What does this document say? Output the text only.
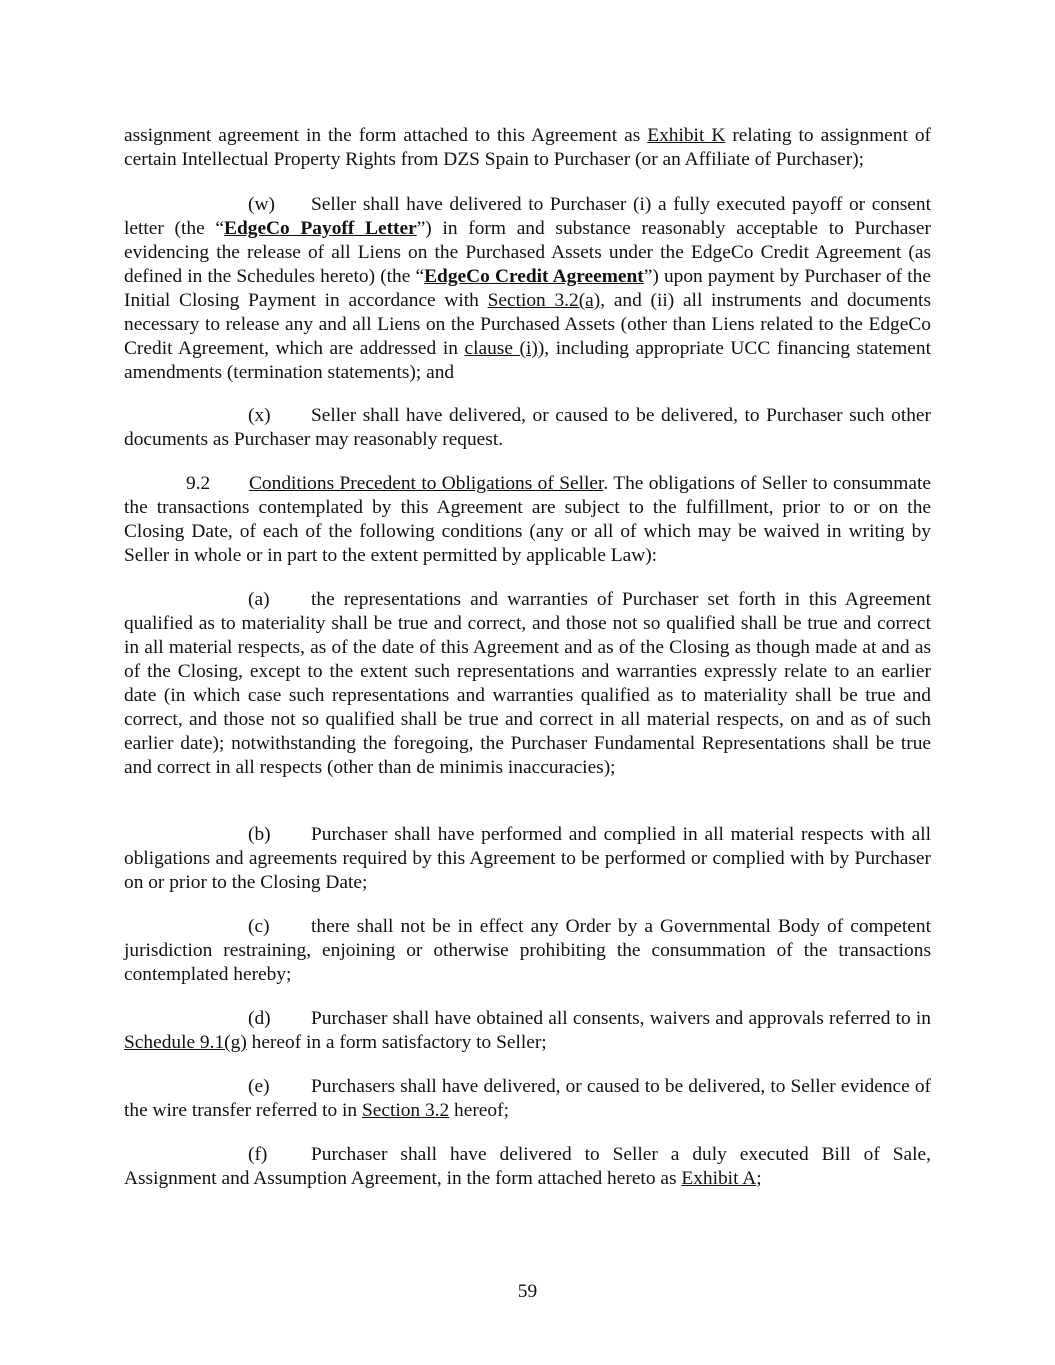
assignment agreement in the form attached to this Agreement as Exhibit K relating to assignment of certain Intellectual Property Rights from DZS Spain to Purchaser (or an Affiliate of Purchaser);

(w) Seller shall have delivered to Purchaser (i) a fully executed payoff or consent letter (the “EdgeCo Payoff Letter”) in form and substance reasonably acceptable to Purchaser evidencing the release of all Liens on the Purchased Assets under the EdgeCo Credit Agreement (as defined in the Schedules hereto) (the “EdgeCo Credit Agreement”) upon payment by Purchaser of the Initial Closing Payment in accordance with Section 3.2(a), and (ii) all instruments and documents necessary to release any and all Liens on the Purchased Assets (other than Liens related to the EdgeCo Credit Agreement, which are addressed in clause (i)), including appropriate UCC financing statement amendments (termination statements); and

(x) Seller shall have delivered, or caused to be delivered, to Purchaser such other documents as Purchaser may reasonably request.

9.2 Conditions Precedent to Obligations of Seller. The obligations of Seller to consummate the transactions contemplated by this Agreement are subject to the fulfillment, prior to or on the Closing Date, of each of the following conditions (any or all of which may be waived in writing by Seller in whole or in part to the extent permitted by applicable Law):

(a) the representations and warranties of Purchaser set forth in this Agreement qualified as to materiality shall be true and correct, and those not so qualified shall be true and correct in all material respects, as of the date of this Agreement and as of the Closing as though made at and as of the Closing, except to the extent such representations and warranties expressly relate to an earlier date (in which case such representations and warranties qualified as to materiality shall be true and correct, and those not so qualified shall be true and correct in all material respects, on and as of such earlier date); notwithstanding the foregoing, the Purchaser Fundamental Representations shall be true and correct in all respects (other than de minimis inaccuracies);

(b) Purchaser shall have performed and complied in all material respects with all obligations and agreements required by this Agreement to be performed or complied with by Purchaser on or prior to the Closing Date;

(c) there shall not be in effect any Order by a Governmental Body of competent jurisdiction restraining, enjoining or otherwise prohibiting the consummation of the transactions contemplated hereby;

(d) Purchaser shall have obtained all consents, waivers and approvals referred to in Schedule 9.1(g) hereof in a form satisfactory to Seller;

(e) Purchasers shall have delivered, or caused to be delivered, to Seller evidence of the wire transfer referred to in Section 3.2 hereof;

(f) Purchaser shall have delivered to Seller a duly executed Bill of Sale, Assignment and Assumption Agreement, in the form attached hereto as Exhibit A;

59
